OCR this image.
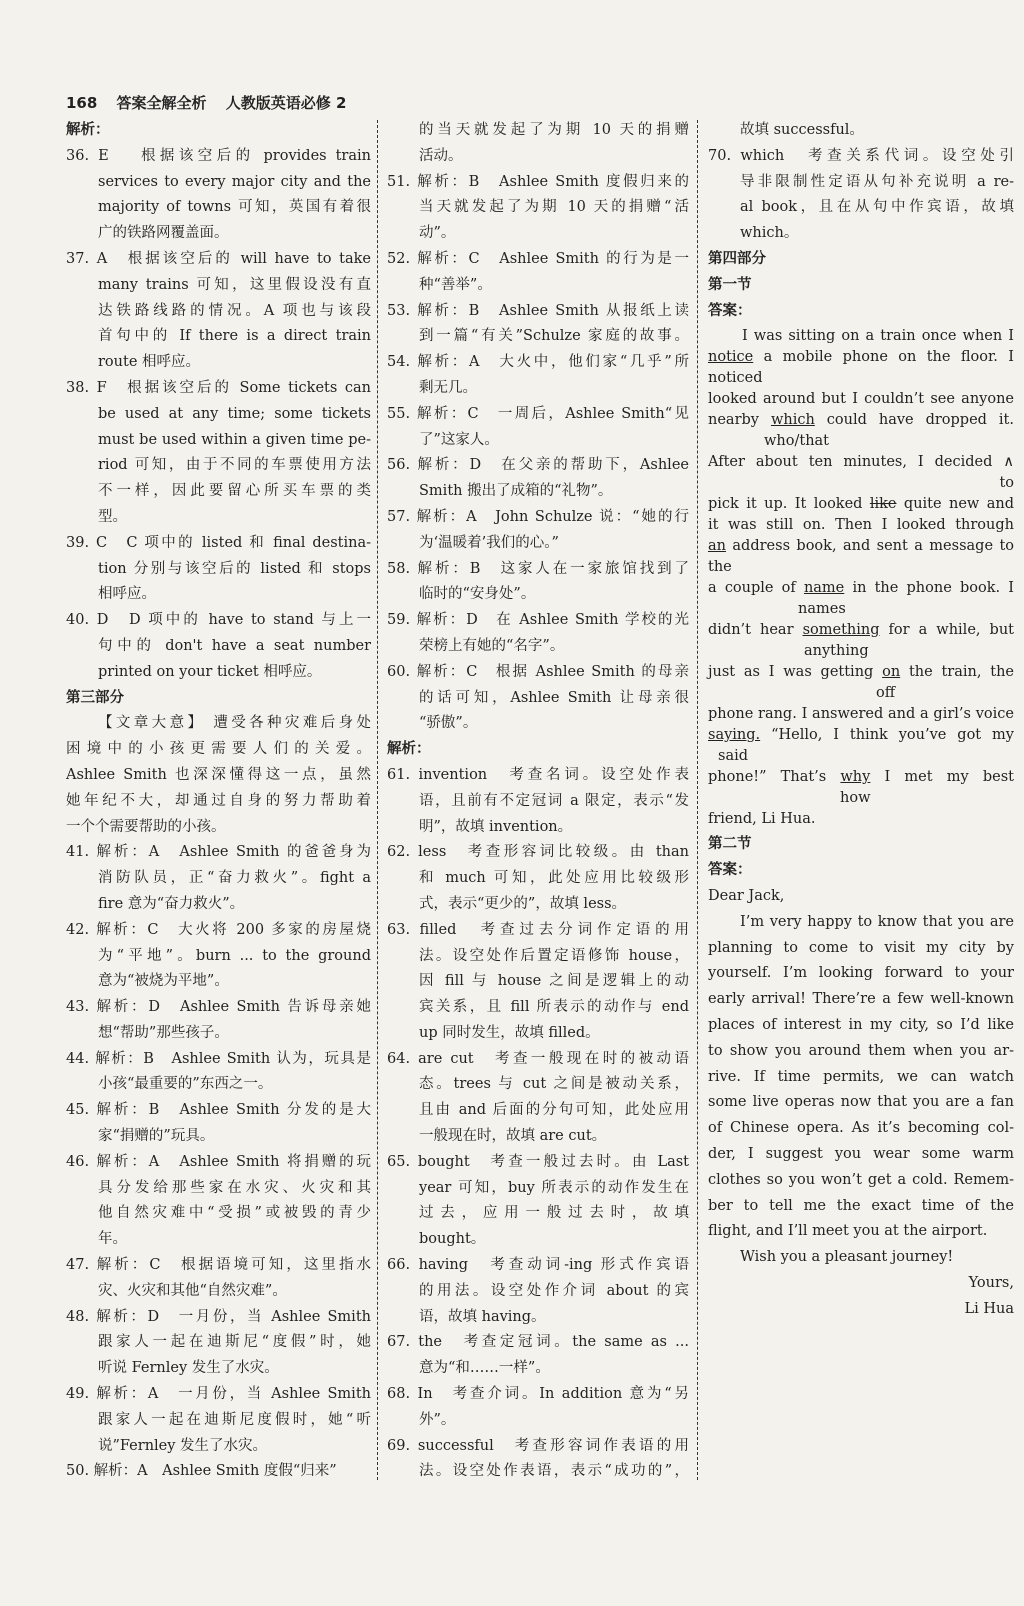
168 答案全解全析 人教版英语必修 2
解析：
36. E　 根据该空后的 provides train
services to every major city and the
majority of towns 可知，英国有着很
广的铁路网覆盖面。
37. A　根据该空后的 will have to take
many trains 可知，这里假设没有直
达铁路线路的情况。A 项也与该段
首句中的 If there is a direct train
route 相呼应。
38. F　根据该空后的 Some tickets can
be used at any time; some tickets
must be used within a given time pe-
riod 可知，由于不同的车票使用方法
不一样，因此要留心所买车票的类
型。
39. C　C 项中的 listed 和 final destina-
tion 分别与该空后的 listed 和 stops
相呼应。
40. D　D 项中的 have to stand 与上一
句中的 don't have a seat number
printed on your ticket 相呼应。
第三部分
【文章大意】 遭受各种灾难后身处
困境中的小孩更需要人们的关爱。
Ashlee Smith 也深深懂得这一点，虽然
她年纪不大，却通过自身的努力帮助着
一个个需要帮助的小孩。
41. 解析：A　Ashlee Smith 的爸爸身为
消防队员，正“奋力救火”。fight a
fire 意为“奋力救火”。
42. 解析：C　大火将 200 多家的房屋烧
为“平地”。burn ... to the ground
意为“被烧为平地”。
43. 解析：D　Ashlee Smith 告诉母亲她
想“帮助”那些孩子。
44. 解析：B　Ashlee Smith 认为，玩具是
小孩“最重要的”东西之一。
45. 解析：B　Ashlee Smith 分发的是大
家“捐赠的”玩具。
46. 解析：A　Ashlee Smith 将捐赠的玩
具分发给那些家在水灾、火灾和其
他自然灾难中“受损”或被毁的青少
年。
47. 解析：C　根据语境可知，这里指水
灾、火灾和其他“自然灾难”。
48. 解析：D　一月份，当 Ashlee Smith
跟家人一起在迪斯尼“度假”时，她
听说 Fernley 发生了水灾。
49. 解析：A　一月份，当 Ashlee Smith
跟家人一起在迪斯尼度假时，她“听
说”Fernley 发生了水灾。
50. 解析：A　Ashlee Smith 度假“归来”
的当天就发起了为期 10 天的捐赠
活动。
51. 解析：B　Ashlee Smith 度假归来的
当天就发起了为期 10 天的捐赠“活
动”。
52. 解析：C　Ashlee Smith 的行为是一
种“善举”。
53. 解析：B　Ashlee Smith 从报纸上读
到一篇“有关”Schulze 家庭的故事。
54. 解析：A　大火中，他们家“几乎”所
剩无几。
55. 解析：C　一周后，Ashlee Smith“见
了”这家人。
56. 解析：D　在父亲的帮助下，Ashlee
Smith 搬出了成箱的“礼物”。
57. 解析：A　John Schulze 说：“她的行
为‘温暖着’我们的心。”
58. 解析：B　这家人在一家旅馆找到了
临时的“安身处”。
59. 解析：D　在 Ashlee Smith 学校的光
荣榜上有她的“名字”。
60. 解析：C　根据 Ashlee Smith 的母亲
的话可知，Ashlee Smith 让母亲很
“骄傲”。
解析：
61. invention　考查名词。设空处作表
语，且前有不定冠词 a 限定，表示“发
明”，故填 invention。
62. less　考查形容词比较级。由 than
和 much 可知，此处应用比较级形
式，表示“更少的”，故填 less。
63. filled　考查过去分词作定语的用
法。设空处作后置定语修饰 house，
因 fill 与 house 之间是逻辑上的动
宾关系，且 fill 所表示的动作与 end
up 同时发生，故填 filled。
64. are cut　考查一般现在时的被动语
态。trees 与 cut 之间是被动关系，
且由 and 后面的分句可知，此处应用
一般现在时，故填 are cut。
65. bought　考查一般过去时。由 Last
year 可知，buy 所表示的动作发生在
过去，应用一般过去时，故填
bought。
66. having　考查动词-ing 形式作宾语
的用法。设空处作介词 about 的宾
语，故填 having。
67. the　考查定冠词。the same as ...
意为“和……一样”。
68. In　考查介词。In addition 意为“另
外”。
69. successful　考查形容词作表语的用
法。设空处作表语，表示“成功的”，
故填 successful。
70. which　考查关系代词。设空处引
导非限制性定语从句补充说明 a re-
al book，且在从句中作宾语，故填
which。
第四部分
第一节
答案：
I was sitting on a train once when I
notice a mobile phone on the floor. I
noticed
looked around but I couldn’t see anyone
nearby which could have dropped it.
who/that
After about ten minutes, I decided ∧
to
pick it up. It looked like quite new and
it was still on. Then I looked through
an address book, and sent a message to
the
a couple of name in the phone book. I
names
didn’t hear something for a while, but
anything
just as I was getting on the train, the
off
phone rang. I answered and a girl’s voice
saying. “Hello, I think you’ve got my
said
phone!” That’s why I met my best
how
friend, Li Hua.
第二节
答案：
Dear Jack,
I’m very happy to know that you are
planning to come to visit my city by
yourself. I’m looking forward to your
early arrival! There’re a few well-known
places of interest in my city, so I’d like
to show you around them when you ar-
rive. If time permits, we can watch
some live operas now that you are a fan
of Chinese opera. As it’s becoming col-
der, I suggest you wear some warm
clothes so you won’t get a cold. Remem-
ber to tell me the exact time of the
flight, and I’ll meet you at the airport.
Wish you a pleasant journey!
Yours,
Li Hua
